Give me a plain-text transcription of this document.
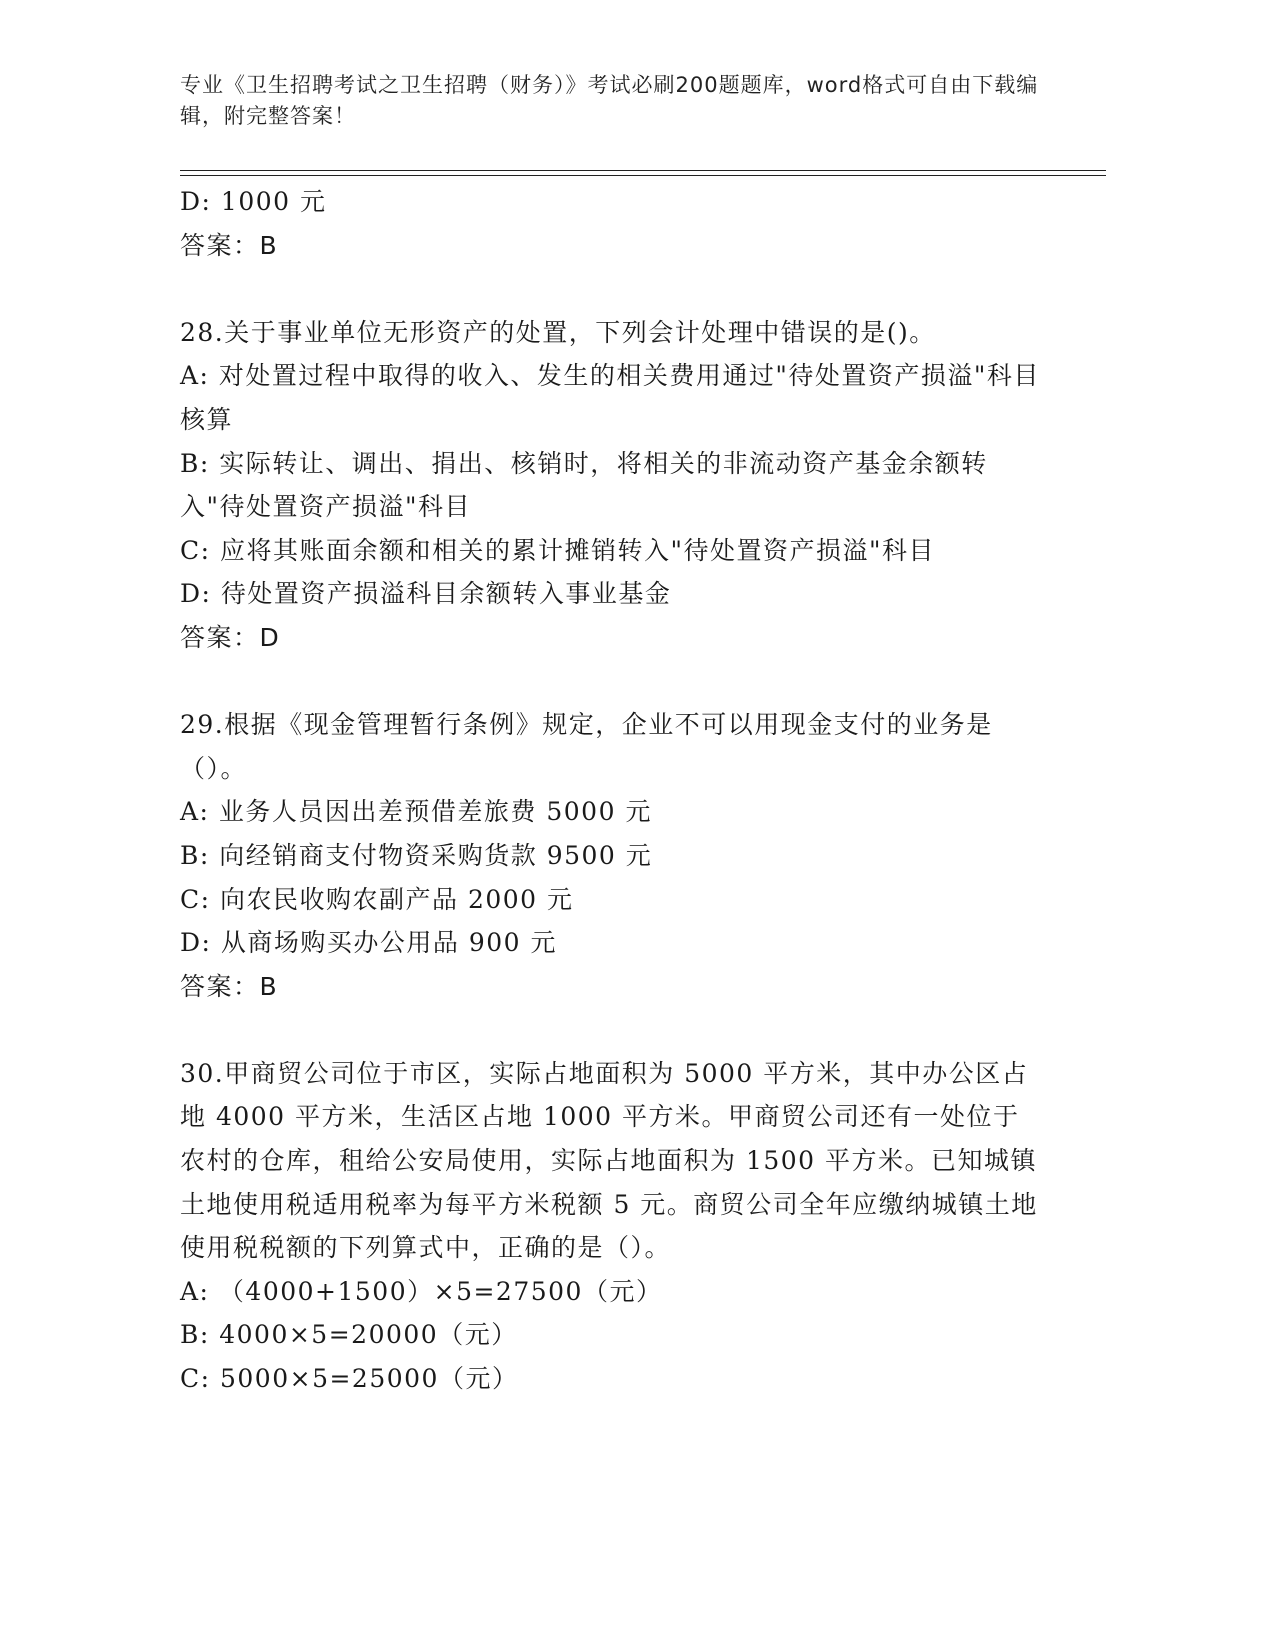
专业《卫生招聘考试之卫生招聘（财务）》考试必刷200题题库，word格式可自由下载编辑，附完整答案！
D: 1000 元
答案：B
28.关于事业单位无形资产的处置，下列会计处理中错误的是()。
A: 对处置过程中取得的收入、发生的相关费用通过"待处置资产损溢"科目核算
B: 实际转让、调出、捐出、核销时，将相关的非流动资产基金余额转入"待处置资产损溢"科目
C: 应将其账面余额和相关的累计摊销转入"待处置资产损溢"科目
D: 待处置资产损溢科目余额转入事业基金
答案：D
29.根据《现金管理暂行条例》规定，企业不可以用现金支付的业务是（）。
A: 业务人员因出差预借差旅费 5000 元
B: 向经销商支付物资采购货款 9500 元
C: 向农民收购农副产品 2000 元
D: 从商场购买办公用品 900 元
答案：B
30.甲商贸公司位于市区，实际占地面积为 5000 平方米，其中办公区占地 4000 平方米，生活区占地 1000 平方米。甲商贸公司还有一处位于农村的仓库，租给公安局使用，实际占地面积为 1500 平方米。已知城镇土地使用税适用税率为每平方米税额 5 元。商贸公司全年应缴纳城镇土地使用税税额的下列算式中，正确的是（）。
A: （4000+1500）×5=27500（元）
B: 4000×5=20000（元）
C: 5000×5=25000（元）
